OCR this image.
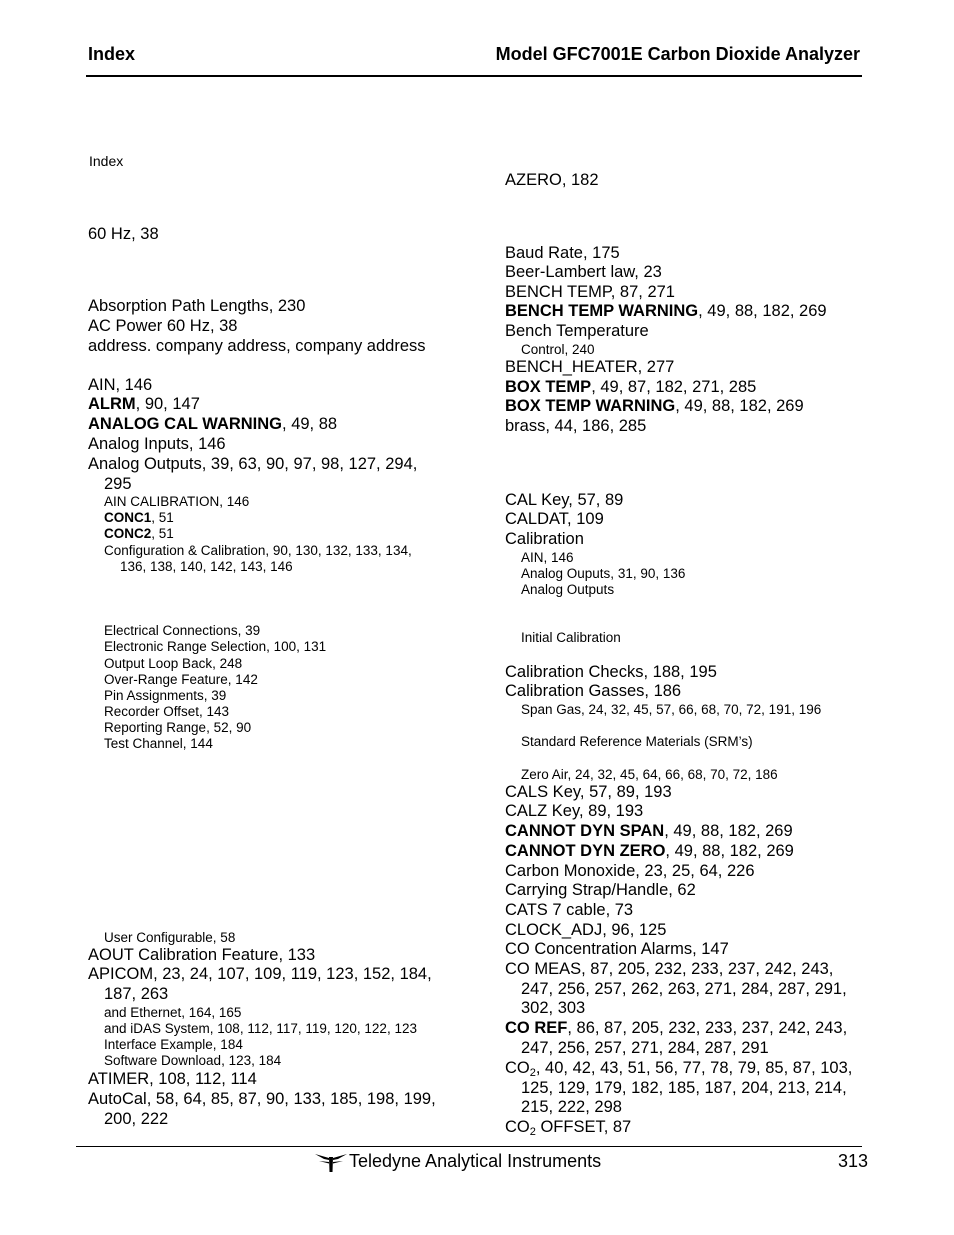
Index	Model GFC7001E Carbon Dioxide Analyzer
Index
60 Hz, 38
Absorption Path Lengths, 230
AC Power 60 Hz, 38
address. company address, company address
AIN, 146
ALRM, 90, 147
ANALOG CAL WARNING, 49, 88
Analog Inputs, 146
Analog Outputs, 39, 63, 90, 97, 98, 127, 294, 295
AIN CALIBRATION, 146
CONC1, 51
CONC2, 51
Configuration & Calibration, 90, 130, 132, 133, 134, 136, 138, 140, 142, 143, 146
Electrical Connections, 39
Electronic Range Selection, 100, 131
Output Loop Back, 248
Over-Range Feature, 142
Pin Assignments, 39
Recorder Offset, 143
Reporting Range, 52, 90
Test Channel, 144
User Configurable, 58
AOUT Calibration Feature, 133
APICOM, 23, 24, 107, 109, 119, 123, 152, 184, 187, 263
and Ethernet, 164, 165
and iDAS System, 108, 112, 117, 119, 120, 122, 123
Interface Example, 184
Software Download, 123, 184
ATIMER, 108, 112, 114
AutoCal, 58, 64, 85, 87, 90, 133, 185, 198, 199, 200, 222
AZERO, 182
Baud Rate, 175
Beer-Lambert law, 23
BENCH TEMP, 87, 271
BENCH TEMP WARNING, 49, 88, 182, 269
Bench Temperature
Control, 240
BENCH_HEATER, 277
BOX TEMP, 49, 87, 182, 271, 285
BOX TEMP WARNING, 49, 88, 182, 269
brass, 44, 186, 285
CAL Key, 57, 89
CALDAT, 109
Calibration
AIN, 146
Analog Ouputs, 31, 90, 136
Analog Outputs
Initial Calibration
Calibration Checks, 188, 195
Calibration Gasses, 186
Span Gas, 24, 32, 45, 57, 66, 68, 70, 72, 191, 196
Standard Reference Materials (SRM’s)
Zero Air, 24, 32, 45, 64, 66, 68, 70, 72, 186
CALS Key, 57, 89, 193
CALZ Key, 89, 193
CANNOT DYN SPAN, 49, 88, 182, 269
CANNOT DYN ZERO, 49, 88, 182, 269
Carbon Monoxide, 23, 25, 64, 226
Carrying Strap/Handle, 62
CATS 7 cable, 73
CLOCK_ADJ, 96, 125
CO Concentration Alarms, 147
CO MEAS, 87, 205, 232, 233, 237, 242, 243, 247, 256, 257, 262, 263, 271, 284, 287, 291, 302, 303
CO REF, 86, 87, 205, 232, 233, 237, 242, 243, 247, 256, 257, 271, 284, 287, 291
$CO_2$, 40, 42, 43, 51, 56, 77, 78, 79, 85, 87, 103, 125, 129, 179, 182, 185, 187, 204, 213, 214, 215, 222, 298
$CO_2$ OFFSET, 87
Teledyne Analytical Instruments	313
